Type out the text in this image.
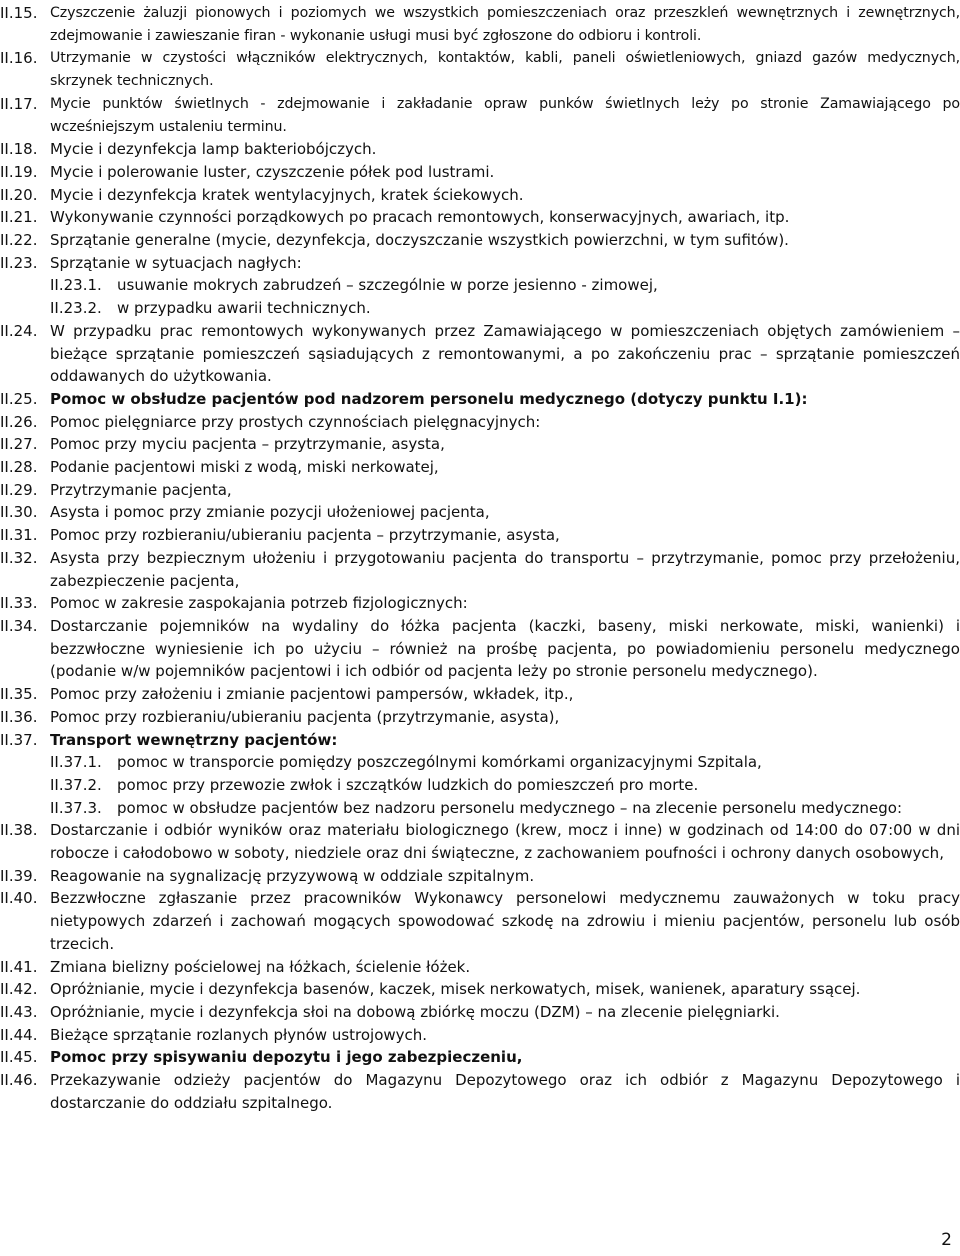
II.15. Czyszczenie żaluzji pionowych i poziomych we wszystkich pomieszczeniach oraz przeszkleń wewnętrznych i zewnętrznych, zdejmowanie i zawieszanie firan - wykonanie usługi musi być zgłoszone do odbioru i kontroli.
II.16. Utrzymanie w czystości włączników elektrycznych, kontaktów, kabli, paneli oświetleniowych, gniazd gazów medycznych, skrzynek technicznych.
II.17. Mycie punktów świetlnych - zdejmowanie i zakładanie opraw punków świetlnych leży po stronie Zamawiającego po wcześniejszym ustaleniu terminu.
II.18. Mycie i dezynfekcja lamp bakteriobójczych.
II.19. Mycie i polerowanie luster, czyszczenie półek pod lustrami.
II.20. Mycie i dezynfekcja kratek wentylacyjnych, kratek ściekowych.
II.21. Wykonywanie czynności porządkowych po pracach remontowych, konserwacyjnych, awariach, itp.
II.22. Sprzątanie generalne (mycie, dezynfekcja, doczyszczanie wszystkich powierzchni, w tym sufitów).
II.23. Sprzątanie w sytuacjach nagłych:
II.23.1. usuwanie mokrych zabrudzeń – szczególnie w porze jesienno - zimowej,
II.23.2. w przypadku awarii technicznych.
II.24. W przypadku prac remontowych wykonywanych przez Zamawiającego w pomieszczeniach objętych zamówieniem – bieżące sprzątanie pomieszczeń sąsiadujących z remontowanymi, a po zakończeniu prac – sprzątanie pomieszczeń oddawanych do użytkowania.
II.25. Pomoc w obsłudze pacjentów pod nadzorem personelu medycznego (dotyczy punktu I.1):
II.26. Pomoc pielęgniarce przy prostych czynnościach pielęgnacyjnych:
II.27. Pomoc przy myciu pacjenta – przytrzymanie, asysta,
II.28. Podanie pacjentowi miski z wodą, miski nerkowatej,
II.29. Przytrzymanie pacjenta,
II.30. Asysta i pomoc przy zmianie pozycji ułożeniowej pacjenta,
II.31. Pomoc przy rozbieraniu/ubieraniu pacjenta – przytrzymanie, asysta,
II.32. Asysta przy bezpiecznym ułożeniu i przygotowaniu pacjenta do transportu – przytrzymanie, pomoc przy przełożeniu, zabezpieczenie pacjenta,
II.33. Pomoc w zakresie zaspokajania potrzeb fizjologicznych:
II.34. Dostarczanie pojemników na wydaliny do łóżka pacjenta (kaczki, baseny, miski nerkowate, miski, wanienki) i bezzwłoczne wyniesienie ich po użyciu – również na prośbę pacjenta, po powiadomieniu personelu medycznego (podanie w/w pojemników pacjentowi i ich odbiór od pacjenta leży po stronie personelu medycznego).
II.35. Pomoc przy założeniu i zmianie pacjentowi pampersów, wkładek, itp.,
II.36. Pomoc przy rozbieraniu/ubieraniu pacjenta (przytrzymanie, asysta),
II.37. Transport wewnętrzny pacjentów:
II.37.1. pomoc w transporcie pomiędzy poszczególnymi komórkami organizacyjnymi Szpitala,
II.37.2. pomoc przy przewozie zwłok i szczątków ludzkich do pomieszczeń pro morte.
II.37.3. pomoc w obsłudze pacjentów bez nadzoru personelu medycznego – na zlecenie personelu medycznego:
II.38. Dostarczanie i odbiór wyników oraz materiału biologicznego (krew, mocz i inne) w godzinach od 14:00 do 07:00 w dni robocze i całodobowo w soboty, niedziele oraz dni świąteczne, z zachowaniem poufności i ochrony danych osobowych,
II.39. Reagowanie na sygnalizację przyzywową w oddziale szpitalnym.
II.40. Bezzwłoczne zgłaszanie przez pracowników Wykonawcy personelowi medycznemu zauważonych w toku pracy nietypowych zdarzeń i zachowań mogących spowodować szkodę na zdrowiu i mieniu pacjentów, personelu lub osób trzecich.
II.41. Zmiana bielizny pościelowej na łóżkach, ścielenie łóżek.
II.42. Opróżnianie, mycie i dezynfekcja basenów, kaczek, misek nerkowatych, misek, wanienek, aparatury ssącej.
II.43. Opróżnianie, mycie i dezynfekcja słoi na dobową zbiórkę moczu (DZM) – na zlecenie pielęgniarki.
II.44. Bieżące sprzątanie rozlanych płynów ustrojowych.
II.45. Pomoc przy spisywaniu depozytu i jego zabezpieczeniu,
II.46. Przekazywanie odzieży pacjentów do Magazynu Depozytowego oraz ich odbiór z Magazynu Depozytowego i dostarczanie do oddziału szpitalnego.
2
